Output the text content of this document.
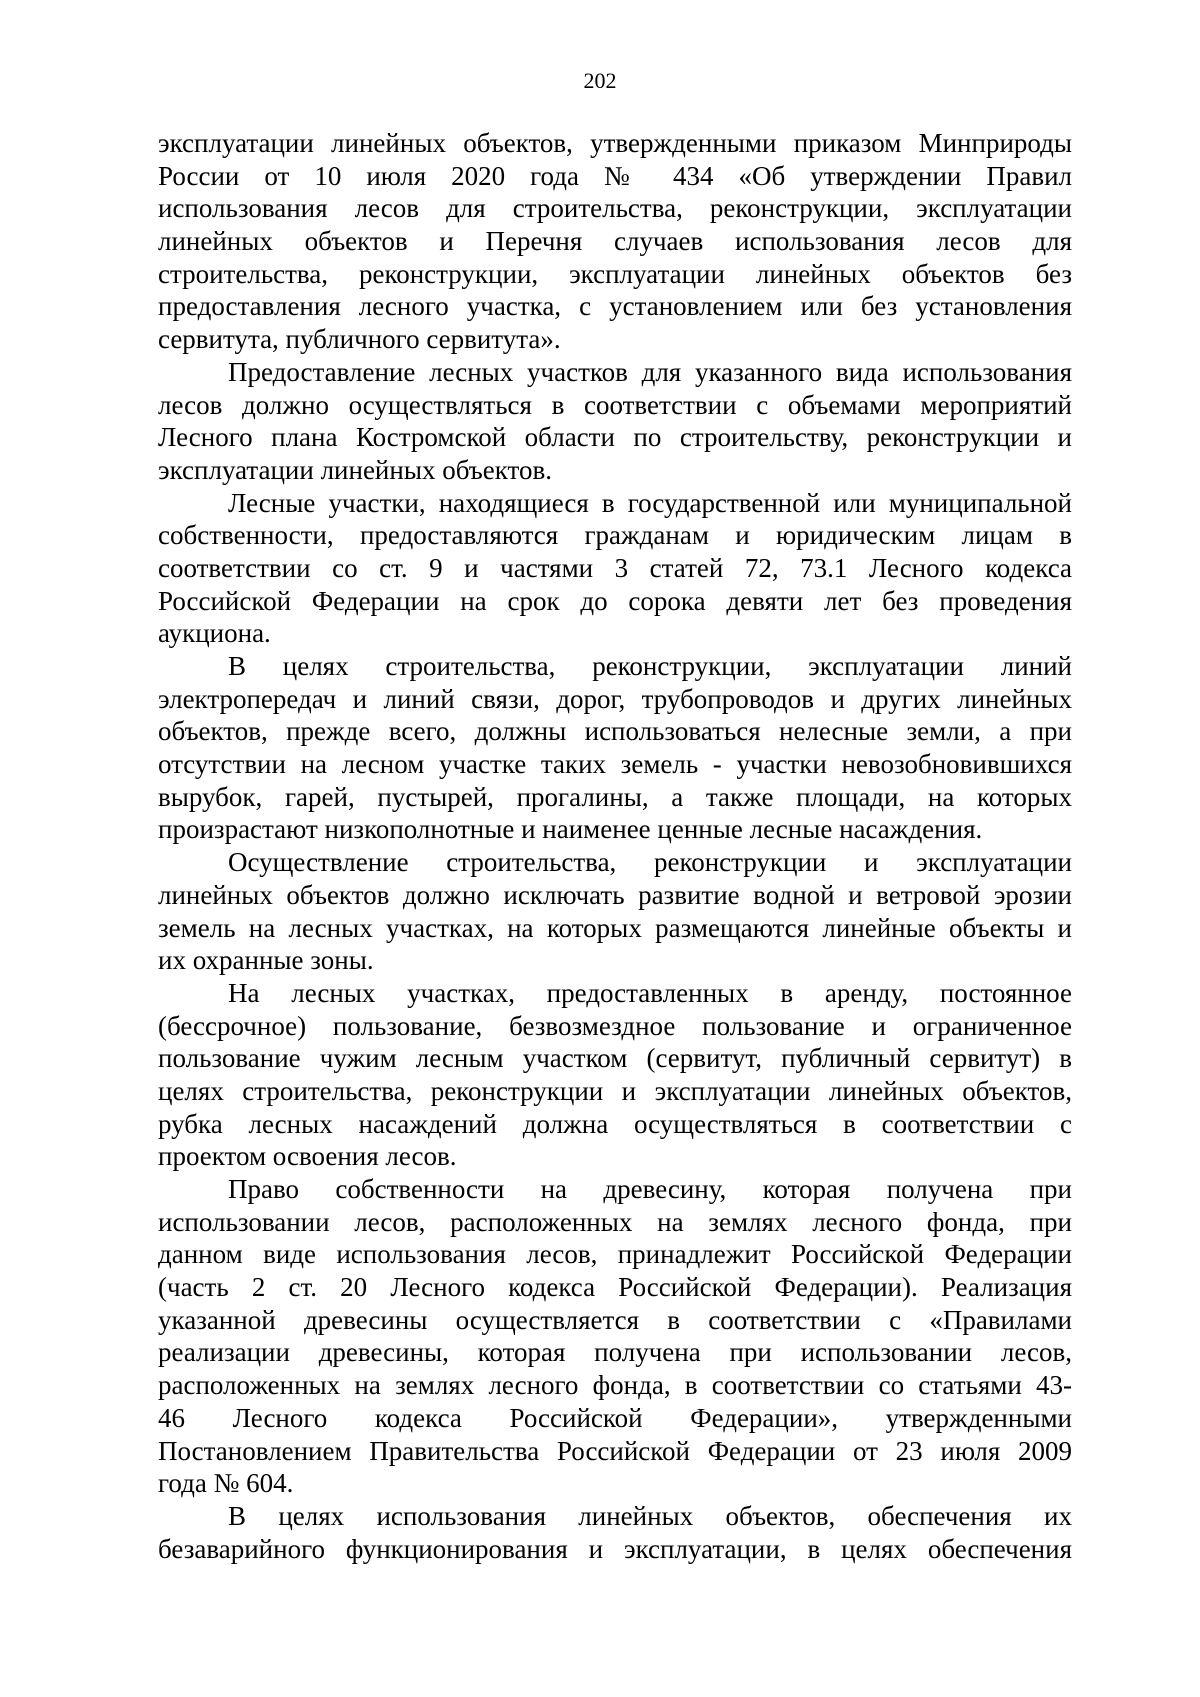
202
эксплуатации линейных объектов, утвержденными приказом Минприроды
России от 10 июля 2020 года № 434 «Об утверждении Правил
использования лесов для строительства, реконструкции, эксплуатации
линейных объектов и Перечня случаев использования лесов для
строительства, реконструкции, эксплуатации линейных объектов без
предоставления лесного участка, с установлением или без установления
сервитута, публичного сервитута».
Предоставление лесных участков для указанного вида использования
лесов должно осуществляться в соответствии с объемами мероприятий
Лесного плана Костромской области по строительству, реконструкции и
эксплуатации линейных объектов.
Лесные участки, находящиеся в государственной или муниципальной
собственности, предоставляются гражданам и юридическим лицам в
соответствии со ст. 9 и частями 3 статей 72, 73.1 Лесного кодекса
Российской Федерации на срок до сорока девяти лет без проведения
аукциона.
В целях строительства, реконструкции, эксплуатации линий
электропередач и линий связи, дорог, трубопроводов и других линейных
объектов, прежде всего, должны использоваться нелесные земли, а при
отсутствии на лесном участке таких земель - участки невозобновившихся
вырубок, гарей, пустырей, прогалины, а также площади, на которых
произрастают низкополнотные и наименее ценные лесные насаждения.
Осуществление строительства, реконструкции и эксплуатации
линейных объектов должно исключать развитие водной и ветровой эрозии
земель на лесных участках, на которых размещаются линейные объекты и
их охранные зоны.
На лесных участках, предоставленных в аренду, постоянное
(бессрочное) пользование, безвозмездное пользование и ограниченное
пользование чужим лесным участком (сервитут, публичный сервитут) в
целях строительства, реконструкции и эксплуатации линейных объектов,
рубка лесных насаждений должна осуществляться в соответствии с
проектом освоения лесов.
Право собственности на древесину, которая получена при
использовании лесов, расположенных на землях лесного фонда, при
данном виде использования лесов, принадлежит Российской Федерации
(часть 2 ст. 20 Лесного кодекса Российской Федерации). Реализация
указанной древесины осуществляется в соответствии с «Правилами
реализации древесины, которая получена при использовании лесов,
расположенных на землях лесного фонда, в соответствии со статьями 43-
46 Лесного кодекса Российской Федерации», утвержденными
Постановлением Правительства Российской Федерации от 23 июля 2009
года № 604.
В целях использования линейных объектов, обеспечения их
безаварийного функционирования и эксплуатации, в целях обеспечения
